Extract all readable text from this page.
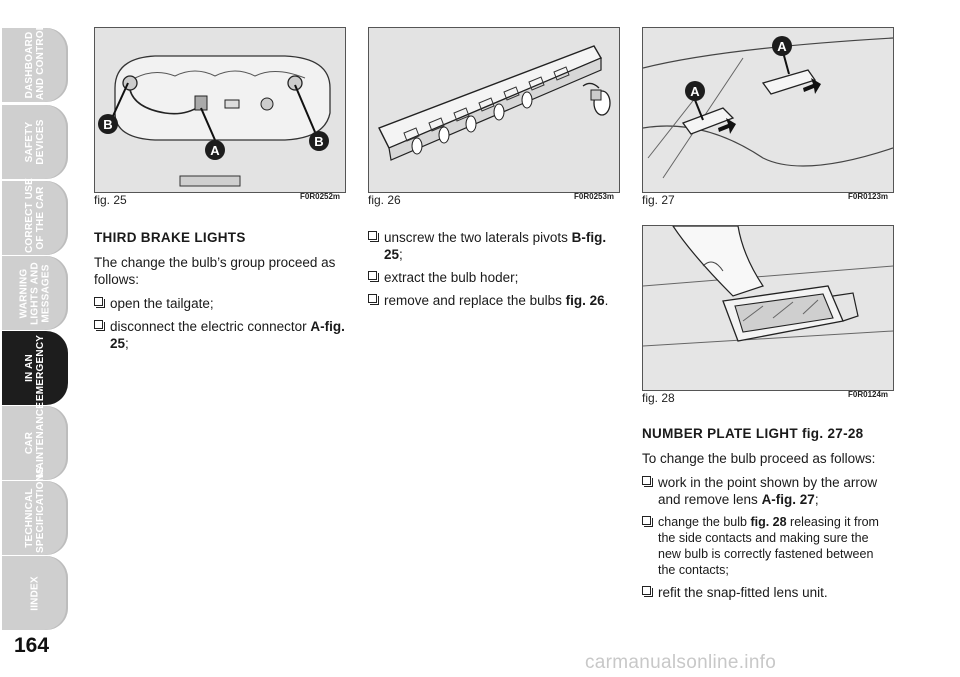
DASHBOARD
AND CONTROLS
SAFETY
DEVICES
CORRECT USE
OF THE CAR
WARNING
LIGHTS AND
MESSAGES
IN AN
EMERGENCY
CAR
MAINTENANCE
TECHNICAL
SPECIFICATIONS
IINDEX
164
B
A
B
fig. 25	F0R0252m fig. 26	F0R0253m
A
A
fig. 27	F0R0123m
fig. 28	F0R0124m
THIRD BRAKE LIGHTS

The change the bulb’s group proceed as follows:

open the tailgate;
disconnect the electric connector A-fig. 25;
unscrew the two laterals pivots B-fig. 25;
extract the bulb hoder;
remove and replace the bulbs fig. 26.
NUMBER PLATE LIGHT fig. 27-28

To change the bulb proceed as follows:

work in the point shown by the arrow and remove lens A-fig. 27;
change the bulb fig. 28 releasing it from the side contacts and making sure the new bulb is correctly fastened between the contacts;
refit the snap-fitted lens unit.
carmanualsonline.info
